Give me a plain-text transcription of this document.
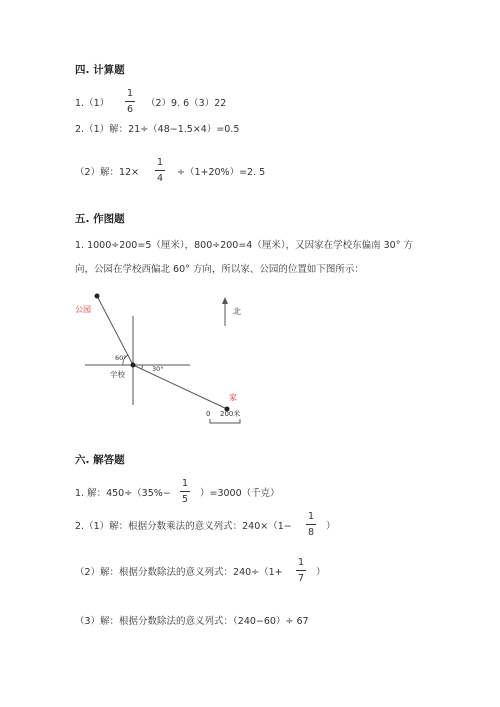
四. 计算题
1.（1）
1
6
（2）9. 6（3）22
2.（1）解：21÷（48−1.5×4）=0.5
（2）解：12×
1
4
÷（1+20%）=2. 5
五. 作图题
1. 1000÷200=5（厘米），800÷200=4（厘米），又因家在学校东偏南 30° 方
向，公园在学校西偏北 60° 方向，所以家、公园的位置如下图所示：
公园
家
学校
60°
30°
北
0 200米
六. 解答题
1. 解：450÷（35%−
1
5
）=3000（千克）
2.（1）解：根据分数乘法的意义列式：240×（1−
1
8
）
（2）解：根据分数除法的意义列式：240÷（1+
1
7
）
（3）解：根据分数除法的意义列式：（240−60）÷ 67
